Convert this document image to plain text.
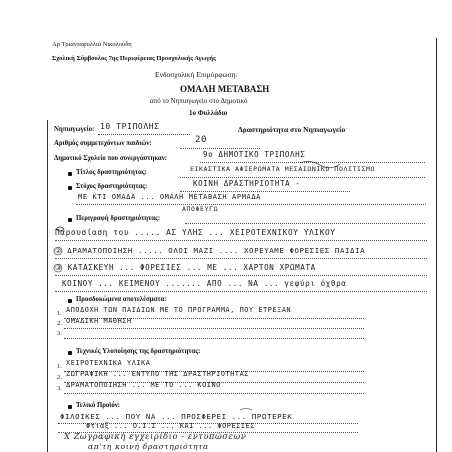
Αρ Τριανταφυλλιά Νικολούδη
Σχολική Σύμβουλος 7ης Περιφέρειας Προσχολικής Αγωγής
Ενδοσχολική Επιμόρφωση:
ΟΜΑΛΗ ΜΕΤΑΒΑΣΗ
από το Νηπιαγωγείο στο Δημοτικό
1ο Φυλλάδιο
Νηπιαγωγείο: 10 ΤΡΙΠΟΛΗΣ	Δραστηριότητα στο Νηπιαγωγείο
Αριθμός συμμετεχόντων παιδιών:	20
Δημοτικό Σχολείο που συνεργάστηκαν:	9ο ΔΗΜΟΤΙΚΟ ΤΡΙΠΟΛΗΣ
Τίτλος δραστηριότητας:	ΕΙΚΑΣΤΙΚΑ ΑΦΙΕΡΩΜΑΤΑ ΜΕΣΑΙΩΝΙΚΟ ΠΟΛΙΤΙΣΜΟ
Στόχος δραστηριότητας:	ΚΟΙΝΗ ΔΡΑΣΤΗΡΙΟΤΗΤΑ -
ΜΕ ΚΤΙ ΟΜΑΔΑ ... ΟΜΑΛΗ ΜΕΤΑΒΑΣΗ ΑΡΜΑΔΑ
ΑΠΟΦΕΥΓΩ
Περιγραφή δραστηριότητας:
Παρουσίαση του ..... ΑΣ ΥΛΗΣ ... ΧΕΙΡΟΤΕΧΝΙΚΟΥ ΥΛΙΚΟΥ
② ΔΡΑΜΑΤΟΠΟΙΗΣΗ ..... ΟΛΟΙ ΜΑΖΙ .... ΧΟΡΕΥΑΜΕ ΦΟΡΕΣΙΕΣ ΠΑΙΔΙΑ
③ ΚΑΤΑΣΚΕΥΗ ... ΦΟΡΕΣΙΕΣ ... ΜΕ ... ΧΑΡΤΟΝ ΧΡΩΜΑΤΑ
ΚΟΙΝΟΥ ... ΚΕΙΜΕΝΟΥ ....... ΑΠΟ ... ΝΑ ... γεφύρι όχθρα
Προσδοκώμενα αποτελέσματα:
1. ΑΠΟΔΟΧΗ ΤΩΝ ΠΑΙΔΙΩΝ ΜΕ ΤΟ ΠΡΟΓΡΑΜΜΑ, ΠΟΥ ΕΤΡΕΞΑΝ
2. ΟΜΑΔΙΚΗ ΜΑΘΗΣΗ
3.
Τεχνικές Υλοποίησης της δραστηριότητας:
1. ΧΕΙΡΟΤΕΧΝΙΚΑ ΥΛΙΚΑ
2. ΖΩΓΡΑΦΙΚΗ ... ΕΝΤΥΠΟ ΤΗΣ ΔΡΑΣΤΗΡΙΟΤΗΤΑΣ
3. ΔΡΑΜΑΤΟΠΟΙΗΣΗ ... ΜΕ ΤΟ ... ΚΟΙΝΟ
Τελικό Προϊόν:
ΦΙΛΟΙΚΕΣ ... ΠΟΥ ΝΑ ... ΠΡΟΣΦΕΡΕΙ ... ΠΡΩΤΕΡΕΚ
Φτιαξ ... Ο.Ι.Σ ... ΚΑΙ ... ΦΟΡΕΣΙΕΣ
Χ Ζωγραφική εγχειρίδιο - εντυπώσεων
απ'τη κοινή δραστηριότητα
